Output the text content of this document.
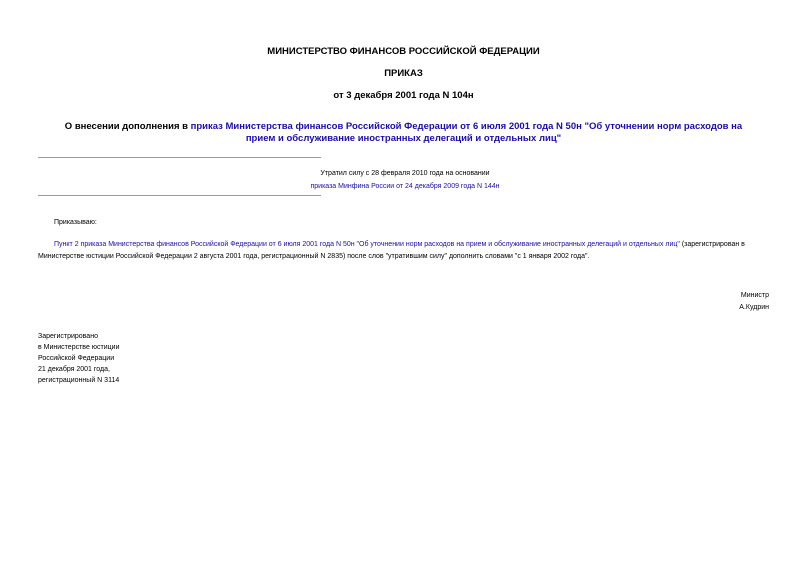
МИНИСТЕРСТВО ФИНАНСОВ РОССИЙСКОЙ ФЕДЕРАЦИИ
ПРИКАЗ
от 3 декабря 2001 года N 104н
О внесении дополнения в приказ Министерства финансов Российской Федерации от 6 июля 2001 года N 50н "Об уточнении норм расходов на прием и обслуживание иностранных делегаций и отдельных лиц"
Утратил силу с 28 февраля 2010 года на основании
приказа Минфина России от 24 декабря 2009 года N 144н
Приказываю:
Пункт 2 приказа Министерства финансов Российской Федерации от 6 июля 2001 года N 50н "Об уточнении норм расходов на прием и обслуживание иностранных делегаций и отдельных лиц" (зарегистрирован в Министерстве юстиции Российской Федерации 2 августа 2001 года, регистрационный N 2835) после слов "утратившим силу" дополнить словами "с 1 января 2002 года".
Министр
А.Кудрин
Зарегистрировано
в Министерстве юстиции
Российской Федерации
21 декабря 2001 года,
регистрационный N 3114
